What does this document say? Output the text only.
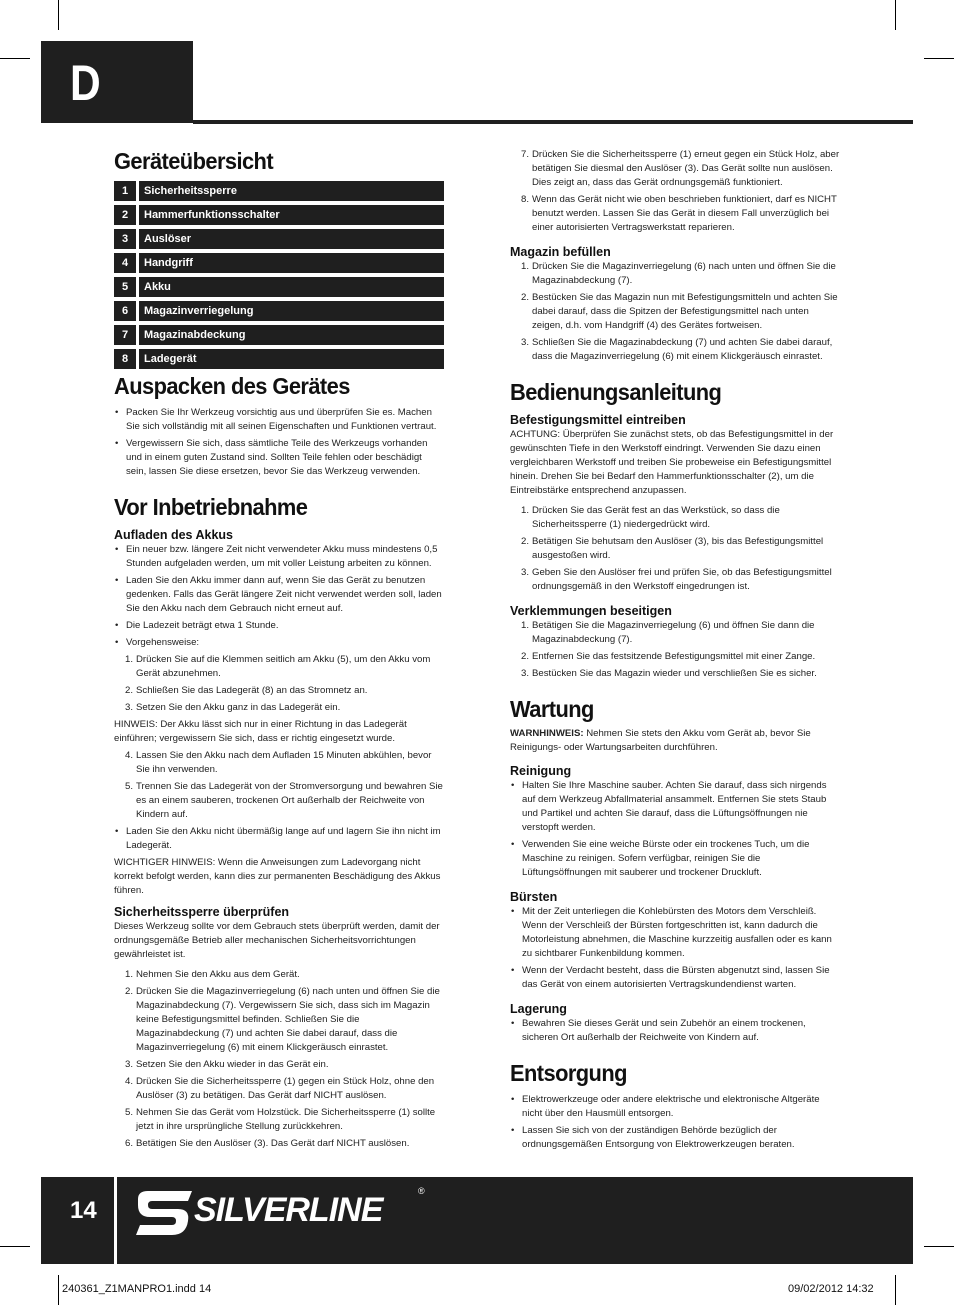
D
Geräteübersicht
1	Sicherheitssperre
2	Hammerfunktionsschalter
3	Auslöser
4	Handgriff
5	Akku
6	Magazinverriegelung
7	Magazinabdeckung
8	Ladegerät
Auspacken des Gerätes
• Packen Sie Ihr Werkzeug vorsichtig aus und überprüfen Sie es. Machen Sie sich vollständig mit all seinen Eigenschaften und Funktionen vertraut.
• Vergewissern Sie sich, dass sämtliche Teile des Werkzeugs vorhanden und in einem guten Zustand sind. Sollten Teile fehlen oder beschädigt sein, lassen Sie diese ersetzen, bevor Sie das Werkzeug verwenden.
Vor Inbetriebnahme
Aufladen des Akkus
• Ein neuer bzw. längere Zeit nicht verwendeter Akku muss mindestens 0,5 Stunden aufgeladen werden, um mit voller Leistung arbeiten zu können.
• Laden Sie den Akku immer dann auf, wenn Sie das Gerät zu benutzen gedenken. Falls das Gerät längere Zeit nicht verwendet werden soll, laden Sie den Akku nach dem Gebrauch nicht erneut auf.
• Die Ladezeit beträgt etwa 1 Stunde.
• Vorgehensweise:
1. Drücken Sie auf die Klemmen seitlich am Akku (5), um den Akku vom Gerät abzunehmen.
2. Schließen Sie das Ladegerät (8) an das Stromnetz an.
3. Setzen Sie den Akku ganz in das Ladegerät ein.

HINWEIS: Der Akku lässt sich nur in einer Richtung in das Ladegerät einführen; vergewissern Sie sich, dass er richtig eingesetzt wurde.

4. Lassen Sie den Akku nach dem Aufladen 15 Minuten abkühlen, bevor Sie ihn verwenden.
5. Trennen Sie das Ladegerät von der Stromversorgung und bewahren Sie es an einem sauberen, trockenen Ort außerhalb der Reichweite von Kindern auf.
• Laden Sie den Akku nicht übermäßig lange auf und lagern Sie ihn nicht im Ladegerät.

WICHTIGER HINWEIS: Wenn die Anweisungen zum Ladevorgang nicht korrekt befolgt werden, kann dies zur permanenten Beschädigung des Akkus führen.

Sicherheitssperre überprüfen

Dieses Werkzeug sollte vor dem Gebrauch stets überprüft werden, damit der ordnungsgemäße Betrieb aller mechanischen Sicherheitsvorrichtungen gewährleistet ist.

1. Nehmen Sie den Akku aus dem Gerät.
2. Drücken Sie die Magazinverriegelung (6) nach unten und öffnen Sie die Magazinabdeckung (7). Vergewissern Sie sich, dass sich im Magazin keine Befestigungsmittel befinden. Schließen Sie die Magazinabdeckung (7) und achten Sie dabei darauf, dass die Magazinverriegelung (6) mit einem Klickgeräusch einrastet.
3. Setzen Sie den Akku wieder in das Gerät ein.
4. Drücken Sie die Sicherheitssperre (1) gegen ein Stück Holz, ohne den Auslöser (3) zu betätigen. Das Gerät darf NICHT auslösen.
5. Nehmen Sie das Gerät vom Holzstück. Die Sicherheitssperre (1) sollte jetzt in ihre ursprüngliche Stellung zurückkehren.
6. Betätigen Sie den Auslöser (3). Das Gerät darf NICHT auslösen.
7. Drücken Sie die Sicherheitssperre (1) erneut gegen ein Stück Holz, aber betätigen Sie diesmal den Auslöser (3). Das Gerät sollte nun auslösen. Dies zeigt an, dass das Gerät ordnungsgemäß funktioniert.
8. Wenn das Gerät nicht wie oben beschrieben funktioniert, darf es NICHT benutzt werden. Lassen Sie das Gerät in diesem Fall unverzüglich bei einer autorisierten Vertragswerkstatt reparieren.
Magazin befüllen
1. Drücken Sie die Magazinverriegelung (6) nach unten und öffnen Sie die Magazinabdeckung (7).
2. Bestücken Sie das Magazin nun mit Befestigungsmitteln und achten Sie dabei darauf, dass die Spitzen der Befestigungsmittel nach unten zeigen, d.h. vom Handgriff (4) des Gerätes fortweisen.
3. Schließen Sie die Magazinabdeckung (7) und achten Sie dabei darauf, dass die Magazinverriegelung (6) mit einem Klickgeräusch einrastet.
Bedienungsanleitung
Befestigungsmittel eintreiben

ACHTUNG: Überprüfen Sie zunächst stets, ob das Befestigungsmittel in der gewünschten Tiefe in den Werkstoff eindringt. Verwenden Sie dazu einen vergleichbaren Werkstoff und treiben Sie probeweise ein Befestigungsmittel hinein. Drehen Sie bei Bedarf den Hammerfunktionsschalter (2), um die Eintreibstärke entsprechend anzupassen.

1. Drücken Sie das Gerät fest an das Werkstück, so dass die Sicherheitssperre (1) niedergedrückt wird.
2. Betätigen Sie behutsam den Auslöser (3), bis das Befestigungsmittel ausgestoßen wird.
3. Geben Sie den Auslöser frei und prüfen Sie, ob das Befestigungsmittel ordnungsgemäß in den Werkstoff eingedrungen ist.
Verklemmungen beseitigen
1. Betätigen Sie die Magazinverriegelung (6) und öffnen Sie dann die Magazinabdeckung (7).
2. Entfernen Sie das festsitzende Befestigungsmittel mit einer Zange.
3. Bestücken Sie das Magazin wieder und verschließen Sie es sicher.
Wartung

WARNHINWEIS: Nehmen Sie stets den Akku vom Gerät ab, bevor Sie Reinigungs- oder Wartungsarbeiten durchführen.

Reinigung
• Halten Sie Ihre Maschine sauber. Achten Sie darauf, dass sich nirgends auf dem Werkzeug Abfallmaterial ansammelt. Entfernen Sie stets Staub und Partikel und achten Sie darauf, dass die Lüftungsöffnungen nie verstopft werden.
• Verwenden Sie eine weiche Bürste oder ein trockenes Tuch, um die Maschine zu reinigen. Sofern verfügbar, reinigen Sie die Lüftungsöffnungen mit sauberer und trockener Druckluft.
Bürsten
• Mit der Zeit unterliegen die Kohlebürsten des Motors dem Verschleiß. Wenn der Verschleiß der Bürsten fortgeschritten ist, kann dadurch die Motorleistung abnehmen, die Maschine kurzzeitig ausfallen oder es kann zu sichtbarer Funkenbildung kommen.
• Wenn der Verdacht besteht, dass die Bürsten abgenutzt sind, lassen Sie das Gerät von einem autorisierten Vertragskundendienst warten.
Lagerung
• Bewahren Sie dieses Gerät und sein Zubehör an einem trockenen, sicheren Ort außerhalb der Reichweite von Kindern auf.
Entsorgung
• Elektrowerkzeuge oder andere elektrische und elektronische Altgeräte nicht über den Hausmüll entsorgen.
• Lassen Sie sich von der zuständigen Behörde bezüglich der ordnungsgemäßen Entsorgung von Elektrowerkzeugen beraten.
14	SILVERLINE	®
240361_Z1MANPRO1.indd 14	09/02/2012 14:32
